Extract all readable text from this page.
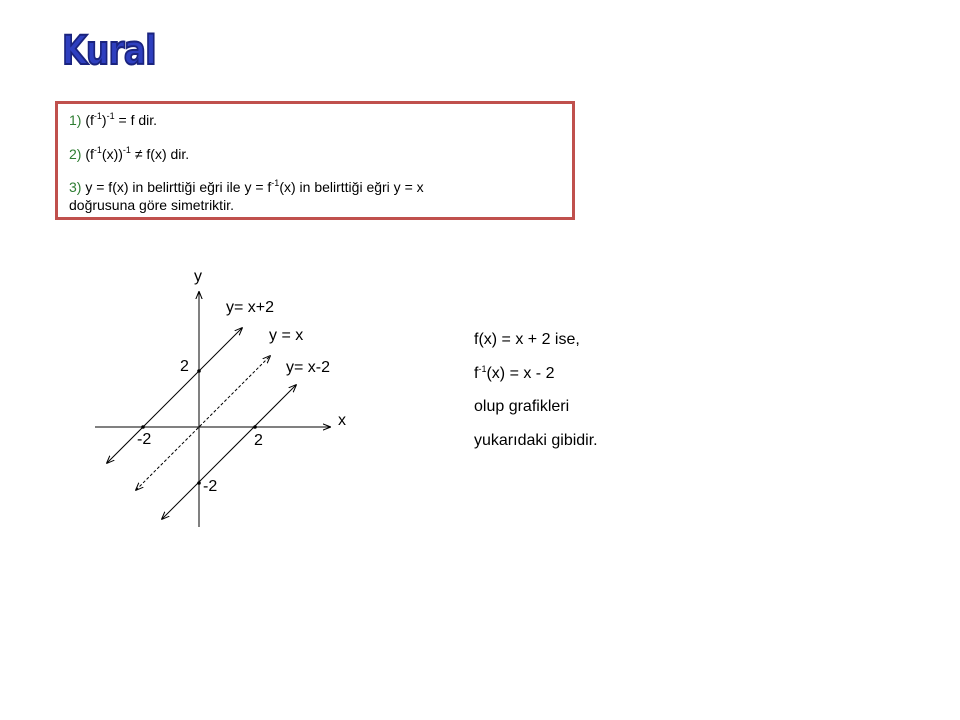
Kural
1) $(f^{-1})^{-1} = f$ dir.
2) $(f^{-1}(x))^{-1} \ne f(x)$ dir.
3) y = f(x) in belirttiği eğri ile $y = f^{-1}(x)$ in belirttiği eğri y = x
doğrusuna göre simetriktir.
y
x
y= x+2
y = x
y= x-2
2
-2	2
-2
f(x) = x + 2 ise,
$f^{-1}(x) = x - 2$
olup grafikleri
yukarıdaki gibidir.
